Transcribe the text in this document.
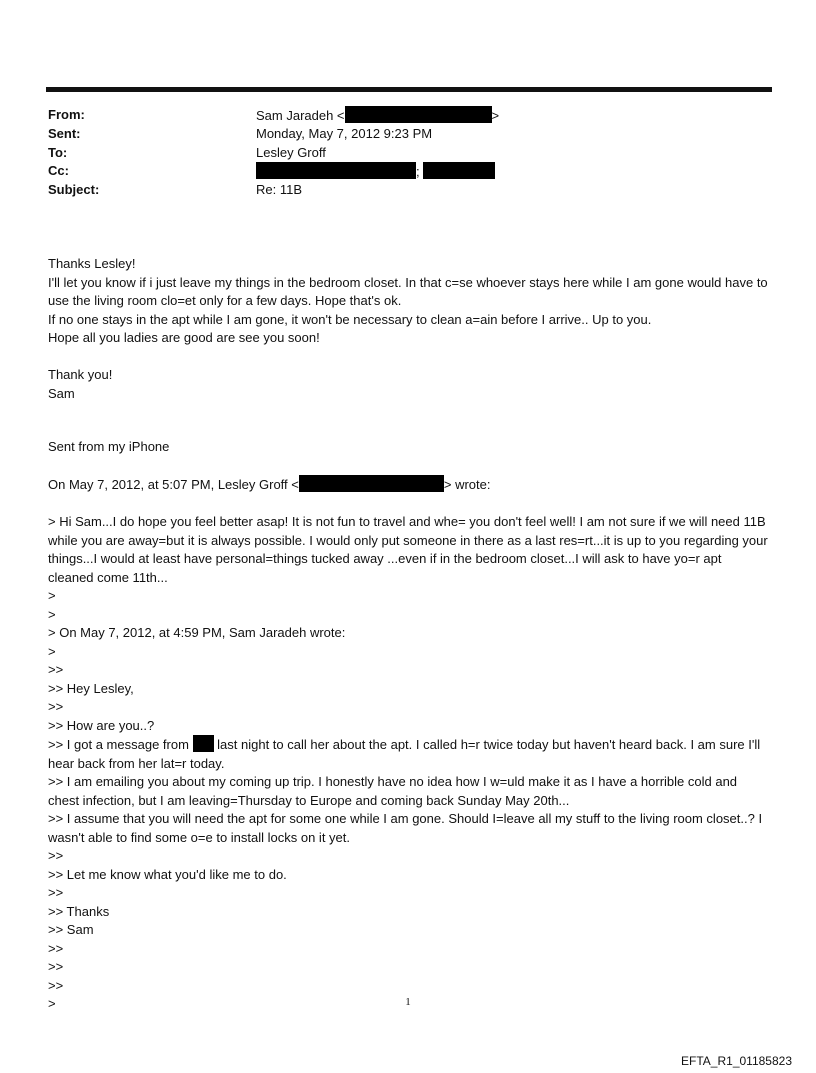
From:	Sam Jaradeh <	>
Sent:	Monday, May 7, 2012 9:23 PM
To:	Lesley Groff
Cc:	;
Subject:	Re: 11B

Thanks Lesley!

I'll let you know if i just leave my things in the bedroom closet. In that c=se whoever stays here while I am gone would have to use the living room clo=et only for a few days. Hope that's ok.

If no one stays in the apt while I am gone, it won't be necessary to clean a=ain before I arrive.. Up to you.

Hope all you ladies are good are see you soon!

Thank you!

Sam

Sent from my iPhone

On May 7, 2012, at 5:07 PM, Lesley Groff <	> wrote:

> Hi Sam...I do hope you feel better asap! It is not fun to travel and whe= you don't feel well! I am not sure if we will need 11B while you are away=but it is always possible. I would only put someone in there as a last res=rt...it is up to you regarding your things...I would at least have personal=things tucked away ...even if in the bedroom closet...I will ask to have yo=r apt cleaned come 11th...

>

>

> On May 7, 2012, at 4:59 PM, Sam Jaradeh wrote:

>

>>

>> Hey Lesley,

>>

>> How are you..?

>> I got a message from last night to call her about the apt. I called h=r twice today but haven't heard back. I am sure I'll hear back from her lat=r today.

>> I am emailing you about my coming up trip. I honestly have no idea how I w=uld make it as I have a horrible cold and chest infection, but I am leaving=Thursday to Europe and coming back Sunday May 20th...

>> I assume that you will need the apt for some one while I am gone. Should I=leave all my stuff to the living room closet..? I wasn't able to find some o=e to install locks on it yet.

>>

>> Let me know what you'd like me to do.

>>

>> Thanks

>> Sam

>>

>>

>>

>	1
EFTA_R1_01185823
